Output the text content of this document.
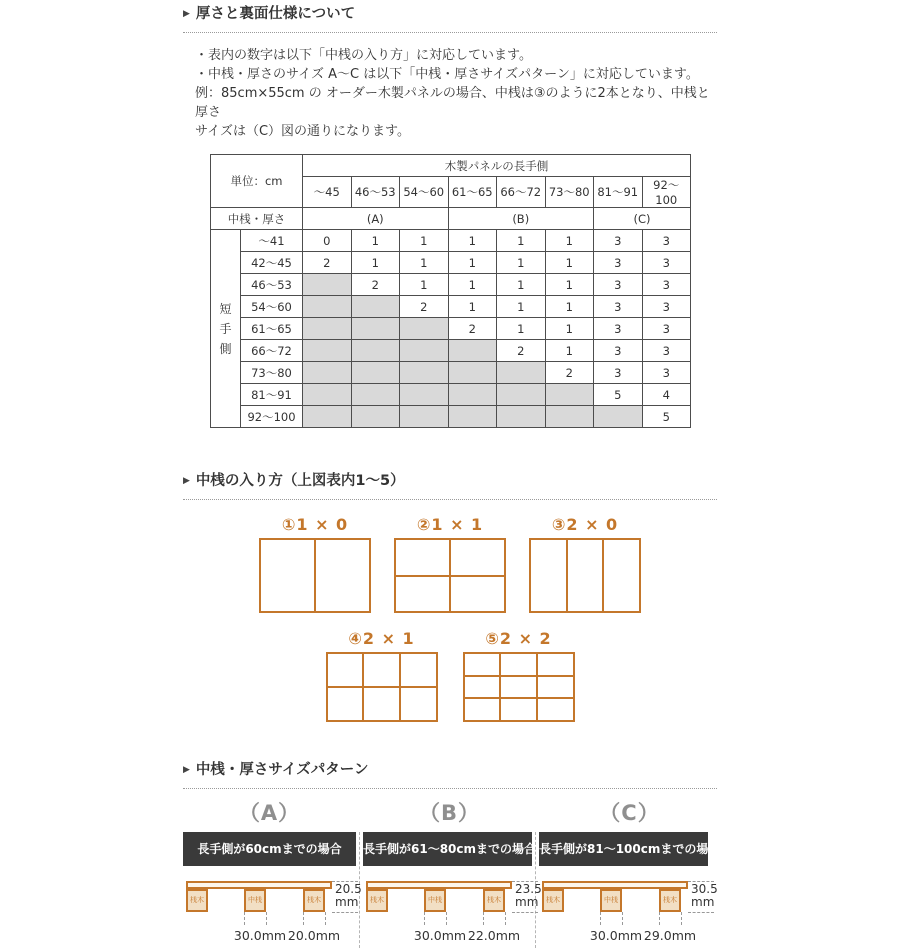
▶ 厚さと裏面仕様について
・表内の数字は以下「中桟の入り方」に対応しています。
・中桟・厚さのサイズ A～C は以下「中桟・厚さサイズパターン」に対応しています。
例：85cm×55cm の オーダー木製パネルの場合、中桟は③のように2本となり、中桟と厚さ
サイズは（C）図の通りになります。
単位：cm		木製パネルの長手側							
		～45	46～53	54～60	61～65	66～72	73～80	81～91	92～100
中桟・厚さ		(A)			(B)			(C)	

短
手
側	～41	0	1	1	1	1	1	3	3
	42～45	2	1	1	1	1	1	3	3
	46～53		2	1	1	1	1	3	3
	54～60			2	1	1	1	3	3
	61～65				2	1	1	3	3
	66～72					2	1	3	3
	73～80						2	3	3
	81～91							5	4
	92～100								5
▶ 中桟の入り方（上図表内1～5）
①1 × 0	②1 × 1	③2 × 0
④2 × 1	⑤2 × 2
▶ 中桟・厚さサイズパターン
（A）	（B）	（C）
長手側が60cmまでの場合
桟木	中桟	桟木
20.5
mm
30.0mm 20.0mm
長手側が61～80cmまでの場合
桟木	中桟	桟木
23.5
mm
30.0mm 22.0mm
長手側が81～100cmまでの場合
桟木	中桟	桟木
30.5
mm
30.0mm 29.0mm
